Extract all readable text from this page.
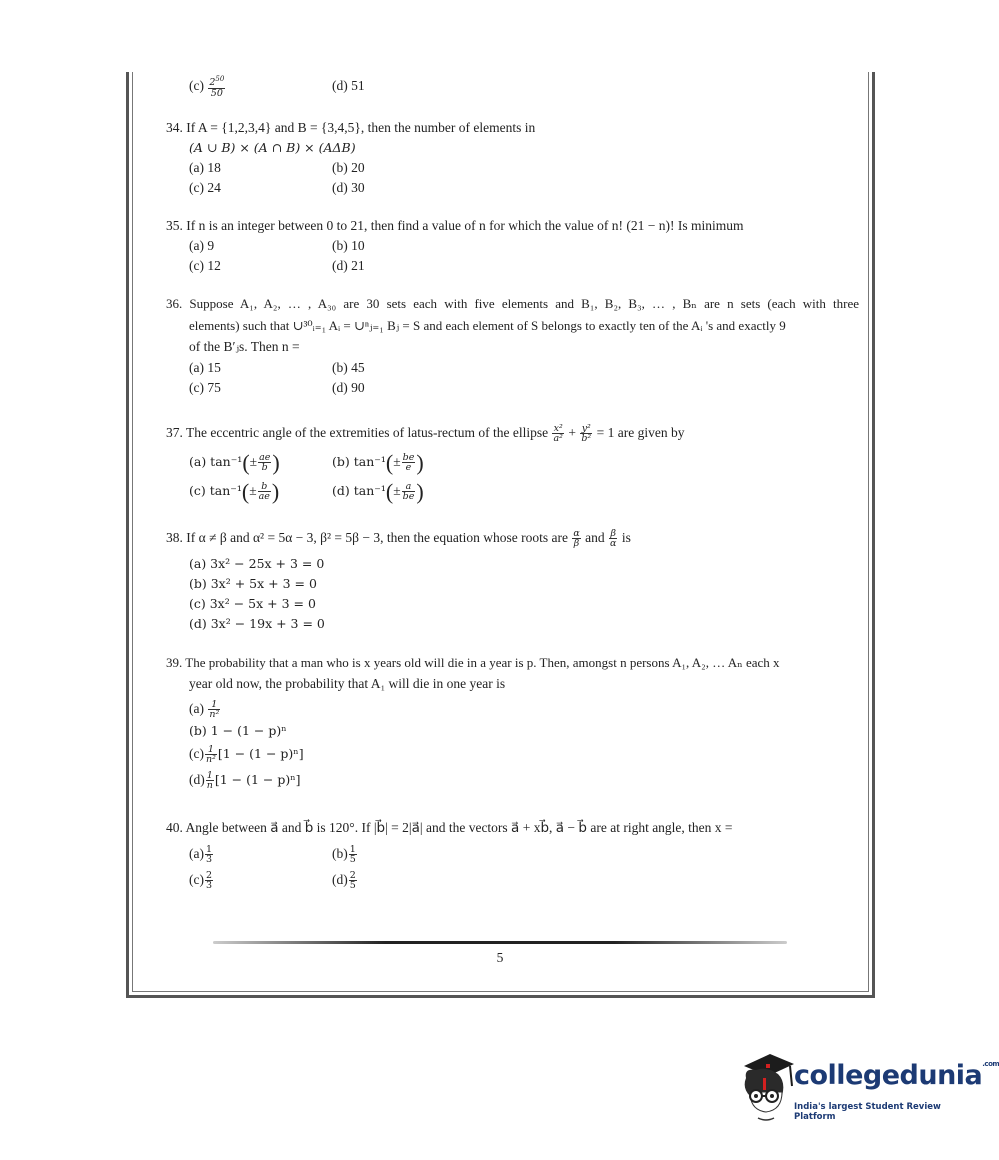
$(c) \frac{2^{50}}{50}$	(d) 51
34. If A = {1,2,3,4} and B = {3,4,5}, then the number of elements in
(A ∪ B) × (A ∩ B) × (AΔB)
(a) 18	(b) 20
(c) 24	(d) 30
35. If n is an integer between 0 to 21, then find a value of n for which the value of n! (21 − n)! Is minimum
(a) 9	(b) 10
(c) 12	(d) 21
36. Suppose A₁, A₂, … , A₃₀ are 30 sets each with five elements and B₁, B₂, B₃, … , Bₙ are n sets (each with three
elements) such that ∪³⁰ᵢ₌₁ Aᵢ = ∪ⁿⱼ₌₁ Bⱼ = S and each element of S belongs to exactly ten of the Aᵢ 's and exactly 9
of the B′ⱼs. Then n =
(a) 15	(b) 45
(c) 75	(d) 90
37. The eccentric angle of the extremities of latus-rectum of the ellipse $\frac{\text{x²}}{\text{a²}} + \frac{\text{y²}}{\text{b²}} = 1$ are given by
(a) $\tan^{-1}(\pm \frac{ae}{b}$ )	(b) $\tan^{-1}(\pm \frac{be}{e}$ )
(c) $\tan^{-1}(\pm \frac{b}{ae}$ )	(d) $\tan^{-1}(\pm \frac{a}{be}$ )
38. If α ≠ β and α² = 5α − 3, β² = 5β − 3, then the equation whose roots are $\frac{\alpha}{\beta}$ and $\frac{\beta}{\alpha}$ is
(a) 3x² − 25x + 3 = 0
(b) 3x² + 5x + 3 = 0
(c) 3x² − 5x + 3 = 0
(d) 3x² − 19x + 3 = 0
39. The probability that a man who is x years old will die in a year is p. Then, amongst n persons A₁, A₂, … Aₙ each x
year old now, the probability that A₁ will die in one year is
$(a) \frac{1}{\text{n²}}$
(b) 1 − (1 − p)ⁿ
$(c) \frac{1}{\text{n²}} [1 - (1 - p)^n]$
$(d) \frac{1}{n} [1 - (1 - p)^n]$
40. Angle between a⃗ and b⃗ is 120°. If |b⃗| = 2|a⃗| and the vectors a⃗ + xb⃗, a⃗ − b⃗ are at right angle, then x =
$(a) \frac{1}{3}$	$(b) \frac{1}{5}$
$(c) \frac{2}{3}$	$(d) \frac{2}{5}$
5
collegedunia$^{.com}$
India's largest Student Review Platform
